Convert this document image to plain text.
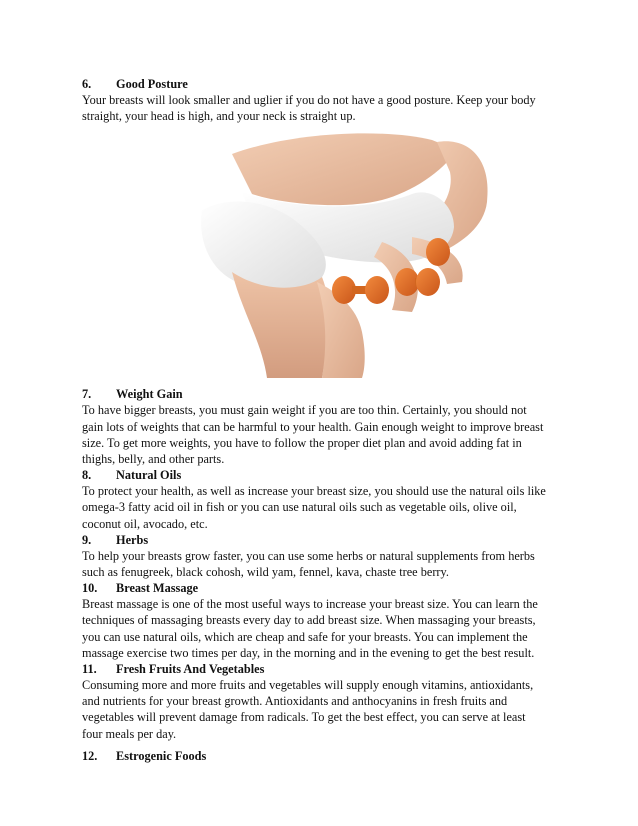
6. Good Posture
Your breasts will look smaller and uglier if you do not have a good posture. Keep your body
straight, your head is high, and your neck is straight up.
7. Weight Gain
To have bigger breasts, you must gain weight if you are too thin. Certainly, you should not
gain lots of weights that can be harmful to your health. Gain enough weight to improve breast
size. To get more weights, you have to follow the proper diet plan and avoid adding fat in
thighs, belly, and other parts.
8. Natural Oils
To protect your health, as well as increase your breast size, you should use the natural oils like
omega-3 fatty acid oil in fish or you can use natural oils such as vegetable oils, olive oil,
coconut oil, avocado, etc.
9. Herbs
To help your breasts grow faster, you can use some herbs or natural supplements from herbs
such as fenugreek, black cohosh, wild yam, fennel, kava, chaste tree berry.
10. Breast Massage
Breast massage is one of the most useful ways to increase your breast size. You can learn the
techniques of massaging breasts every day to add breast size. When massaging your breasts,
you can use natural oils, which are cheap and safe for your breasts. You can implement the
massage exercise two times per day, in the morning and in the evening to get the best result.
11. Fresh Fruits And Vegetables
Consuming more and more fruits and vegetables will supply enough vitamins, antioxidants,
and nutrients for your breast growth. Antioxidants and anthocyanins in fresh fruits and
vegetables will prevent damage from radicals. To get the best effect, you can serve at least
four meals per day.
12. Estrogenic Foods
